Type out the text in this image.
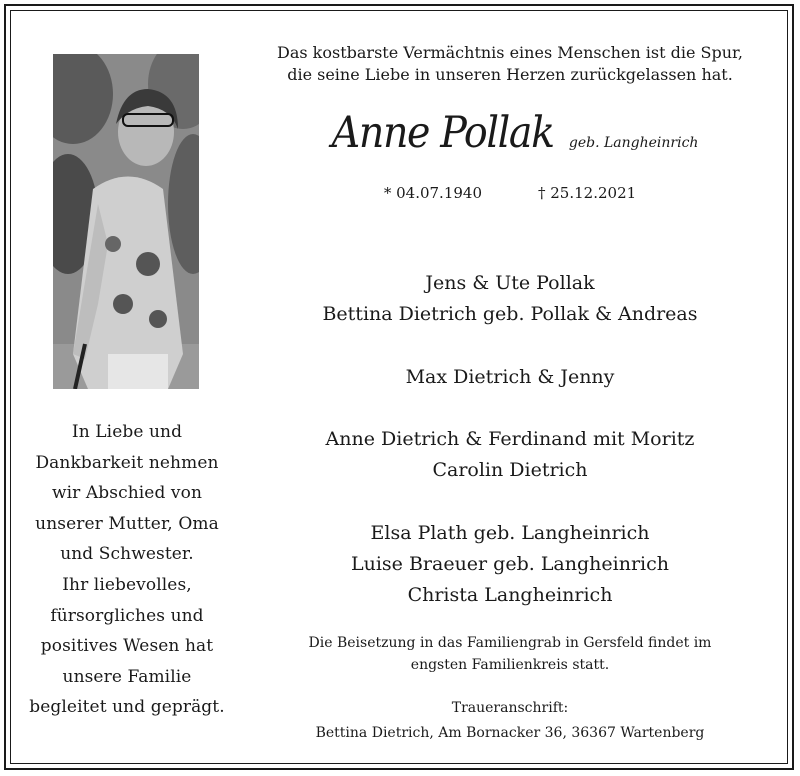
In Liebe und
Dankbarkeit nehmen
wir Abschied von
unserer Mutter, Oma
und Schwester.
Ihr liebevolles,
fürsorgliches und
positives Wesen hat
unsere Familie
begleitet und geprägt.
Das kostbarste Vermächtnis eines Menschen ist die Spur,
die seine Liebe in unseren Herzen zurückgelassen hat.
Anne Pollak geb. Langheinrich
* 04.07.1940	† 25.12.2021
Jens & Ute Pollak
Bettina Dietrich geb. Pollak & Andreas
Max Dietrich & Jenny
Anne Dietrich & Ferdinand mit Moritz
Carolin Dietrich
Elsa Plath geb. Langheinrich
Luise Braeuer geb. Langheinrich
Christa Langheinrich
Die Beisetzung in das Familiengrab in Gersfeld findet im
engsten Familienkreis statt.
Traueranschrift:
Bettina Dietrich, Am Bornacker 36, 36367 Wartenberg
